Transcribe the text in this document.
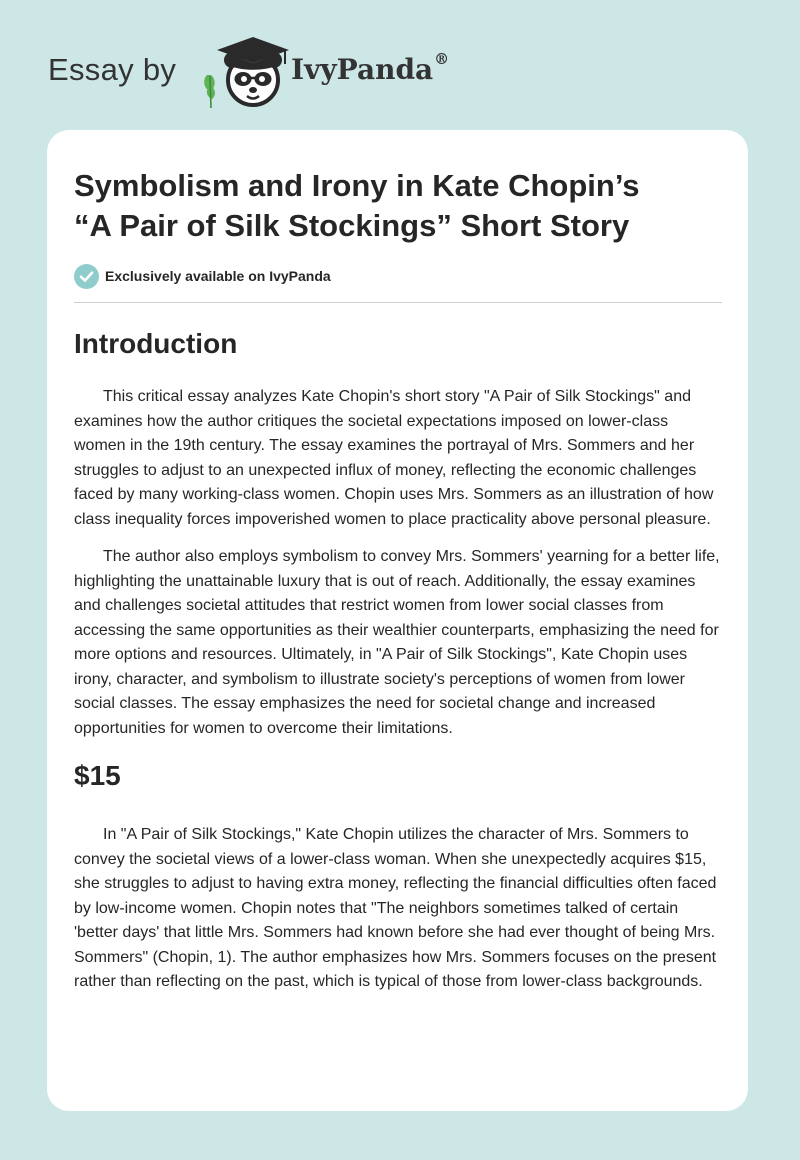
Essay by	IvyPanda®
Symbolism and Irony in Kate Chopin’s
“A Pair of Silk Stockings” Short Story
Exclusively available on IvyPanda
Introduction

This critical essay analyzes Kate Chopin's short story "A Pair of Silk Stockings" and examines how the author critiques the societal expectations imposed on lower-class women in the 19th century. The essay examines the portrayal of Mrs. Sommers and her struggles to adjust to an unexpected influx of money, reflecting the economic challenges faced by many working-class women. Chopin uses Mrs. Sommers as an illustration of how class inequality forces impoverished women to place practicality above personal pleasure.

The author also employs symbolism to convey Mrs. Sommers' yearning for a better life, highlighting the unattainable luxury that is out of reach. Additionally, the essay examines and challenges societal attitudes that restrict women from lower social classes from accessing the same opportunities as their wealthier counterparts, emphasizing the need for more options and resources. Ultimately, in "A Pair of Silk Stockings", Kate Chopin uses irony, character, and symbolism to illustrate society's perceptions of women from lower social classes. The essay emphasizes the need for societal change and increased opportunities for women to overcome their limitations.

$15

In "A Pair of Silk Stockings," Kate Chopin utilizes the character of Mrs. Sommers to convey the societal views of a lower-class woman. When she unexpectedly acquires $15, she struggles to adjust to having extra money, reflecting the financial difficulties often faced by low-income women. Chopin notes that "The neighbors sometimes talked of certain 'better days' that little Mrs. Sommers had known before she had ever thought of being Mrs. Sommers" (Chopin, 1). The author emphasizes how Mrs. Sommers focuses on the present rather than reflecting on the past, which is typical of those from lower-class backgrounds.
